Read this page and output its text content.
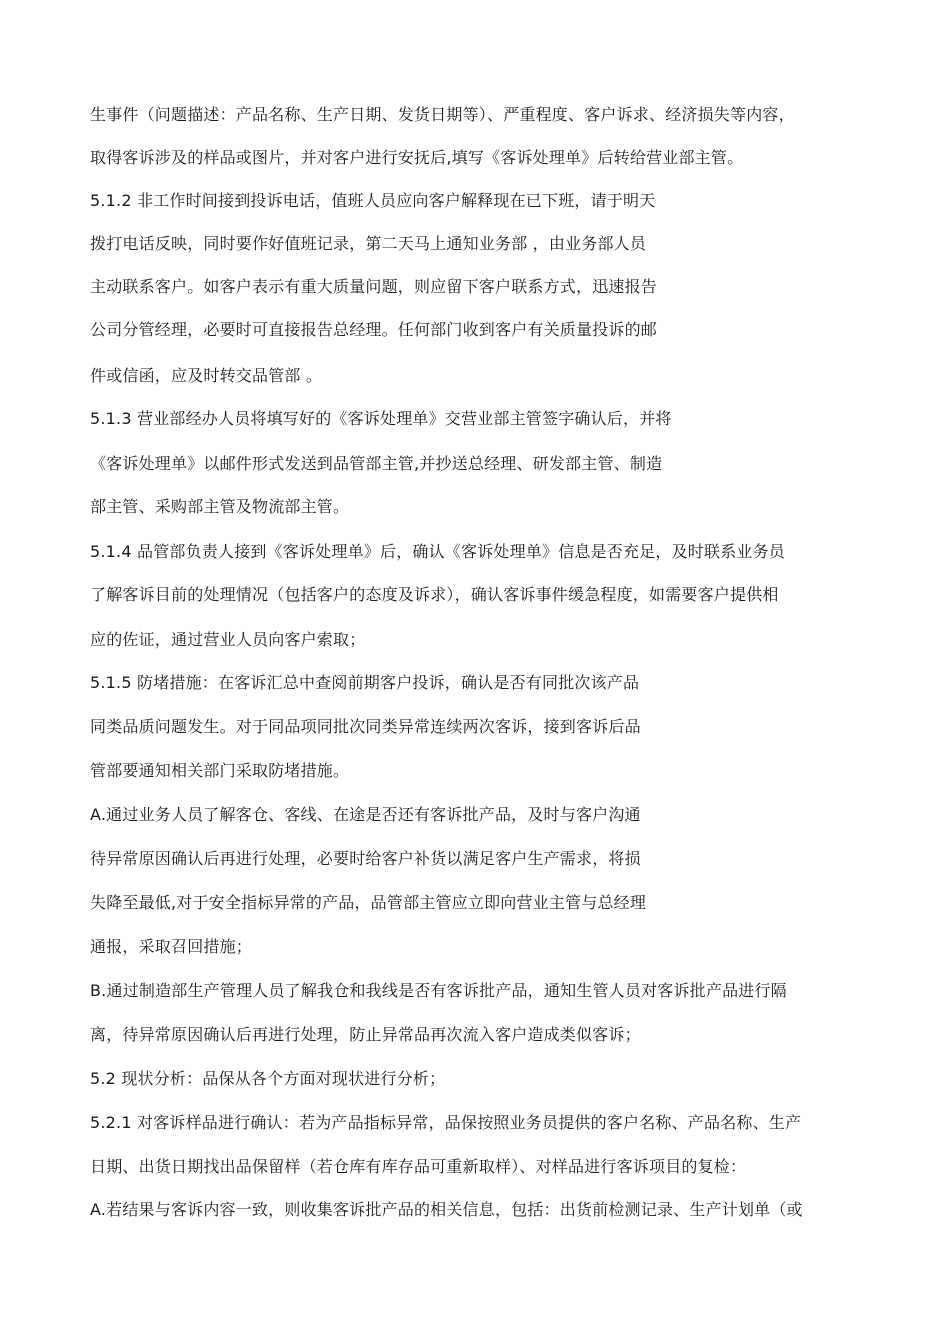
生事件（问题描述：产品名称、生产日期、发货日期等）、严重程度、客户诉求、经济损失等内容，
取得客诉涉及的样品或图片，并对客户进行安抚后,填写《客诉处理单》后转给营业部主管。
5.1.2 非工作时间接到投诉电话，值班人员应向客户解释现在已下班，请于明天
拨打电话反映，同时要作好值班记录，第二天马上通知业务部 ，由业务部人员
主动联系客户。如客户表示有重大质量问题，则应留下客户联系方式，迅速报告
公司分管经理，必要时可直接报告总经理。任何部门收到客户有关质量投诉的邮
件或信函，应及时转交品管部 。
5.1.3 营业部经办人员将填写好的《客诉处理单》交营业部主管签字确认后，并将
《客诉处理单》以邮件形式发送到品管部主管,并抄送总经理、研发部主管、制造
部主管、采购部主管及物流部主管。
5.1.4 品管部负责人接到《客诉处理单》后，确认《客诉处理单》信息是否充足，及时联系业务员
了解客诉目前的处理情况（包括客户的态度及诉求），确认客诉事件缓急程度，如需要客户提供相
应的佐证，通过营业人员向客户索取；
5.1.5 防堵措施：在客诉汇总中查阅前期客户投诉，确认是否有同批次该产品
同类品质问题发生。对于同品项同批次同类异常连续两次客诉，接到客诉后品
管部要通知相关部门采取防堵措施。
A.通过业务人员了解客仓、客线、在途是否还有客诉批产品，及时与客户沟通
待异常原因确认后再进行处理，必要时给客户补货以满足客户生产需求，将损
失降至最低,对于安全指标异常的产品，品管部主管应立即向营业主管与总经理
通报，采取召回措施；
B.通过制造部生产管理人员了解我仓和我线是否有客诉批产品，通知生管人员对客诉批产品进行隔
离，待异常原因确认后再进行处理，防止异常品再次流入客户造成类似客诉；
5.2 现状分析：品保从各个方面对现状进行分析；
5.2.1 对客诉样品进行确认：若为产品指标异常，品保按照业务员提供的客户名称、产品名称、生产
日期、出货日期找出品保留样（若仓库有库存品可重新取样）、对样品进行客诉项目的复检：
A.若结果与客诉内容一致，则收集客诉批产品的相关信息，包括：出货前检测记录、生产计划单（或
